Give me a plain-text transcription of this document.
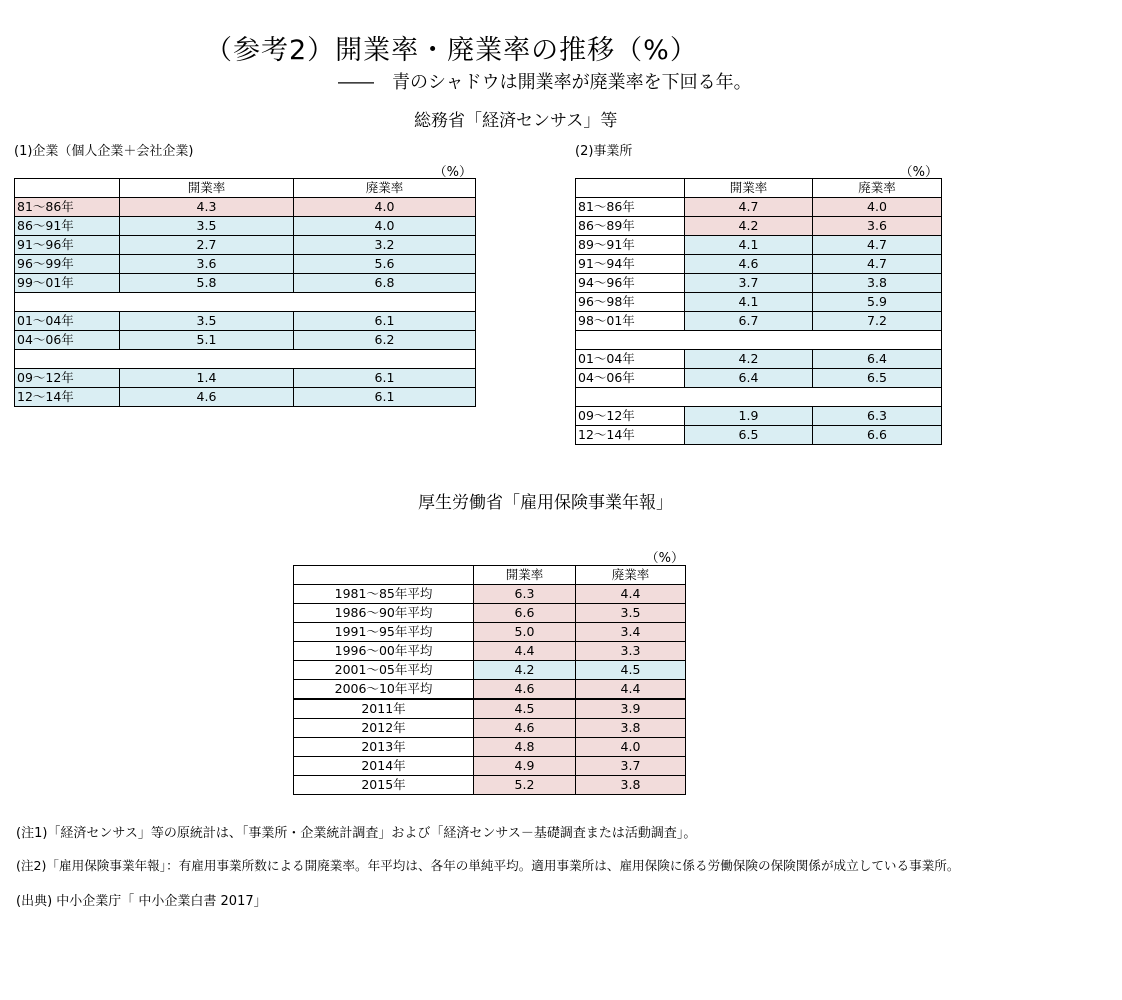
（参考2）開業率・廃業率の推移（%）
――　青のシャドウは開業率が廃業率を下回る年。
総務省「経済センサス」等
(1)企業（個人企業＋会社企業)
（%）
	開業率	廃業率
81～86年	4.3	4.0
86～91年	3.5	4.0
91～96年	2.7	3.2
96～99年	3.6	5.6
99～01年	5.8	6.8

01～04年	3.5	6.1
04～06年	5.1	6.2

09～12年	1.4	6.1
12～14年	4.6	6.1
(2)事業所
（%）
	開業率	廃業率
81～86年	4.7	4.0
86～89年	4.2	3.6
89～91年	4.1	4.7
91～94年	4.6	4.7
94～96年	3.7	3.8
96～98年	4.1	5.9
98～01年	6.7	7.2

01～04年	4.2	6.4
04～06年	6.4	6.5

09～12年	1.9	6.3
12～14年	6.5	6.6
厚生労働省「雇用保険事業年報」
（%）
	開業率	廃業率
1981～85年平均	6.3	4.4
1986～90年平均	6.6	3.5
1991～95年平均	5.0	3.4
1996～00年平均	4.4	3.3
2001～05年平均	4.2	4.5
2006～10年平均	4.6	4.4
2011年	4.5	3.9
2012年	4.6	3.8
2013年	4.8	4.0
2014年	4.9	3.7
2015年	5.2	3.8
(注1)「経済センサス」等の原統計は、「事業所・企業統計調査」および「経済センサス－基礎調査または活動調査」。
(注2)「雇用保険事業年報」：有雇用事業所数による開廃業率。年平均は、各年の単純平均。適用事業所は、雇用保険に係る労働保険の保険関係が成立している事業所。
(出典) 中小企業庁「 中小企業白書 2017」
